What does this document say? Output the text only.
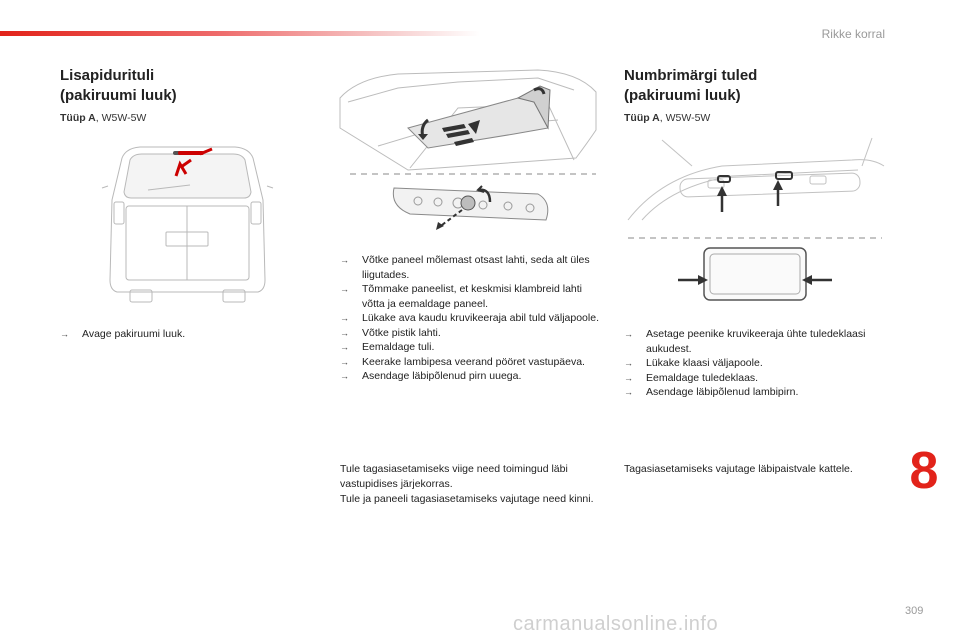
Rikke korral
Lisapidurituli
(pakiruumi luuk)
Tüüp A, W5W-5W
→ Avage pakiruumi luuk.
→ Võtke paneel mõlemast otsast lahti, seda alt üles liigutades.
→ Tõmmake paneelist, et keskmisi klambreid lahti võtta ja eemaldage paneel.
→ Lükake ava kaudu kruvikeeraja abil tuld väljapoole.
→ Võtke pistik lahti.
→ Eemaldage tuli.
→ Keerake lambipesa veerand pööret vastupäeva.
→ Asendage läbipõlenud pirn uuega.

Tule tagasiasetamiseks viige need toimingud läbi vastupidises järjekorras.

Tule ja paneeli tagasiasetamiseks vajutage need kinni.

Numbrimärgi tuled
(pakiruumi luuk)
Tüüp A, W5W-5W
→ Asetage peenike kruvikeeraja ühte tuledeklaasi aukudest.
→ Lükake klaasi väljapoole.
→ Eemaldage tuledeklaas.
→ Asendage läbipõlenud lambipirn.

Tagasiasetamiseks vajutage läbipaistvale kattele. 8
309
carmanualsonline.info
